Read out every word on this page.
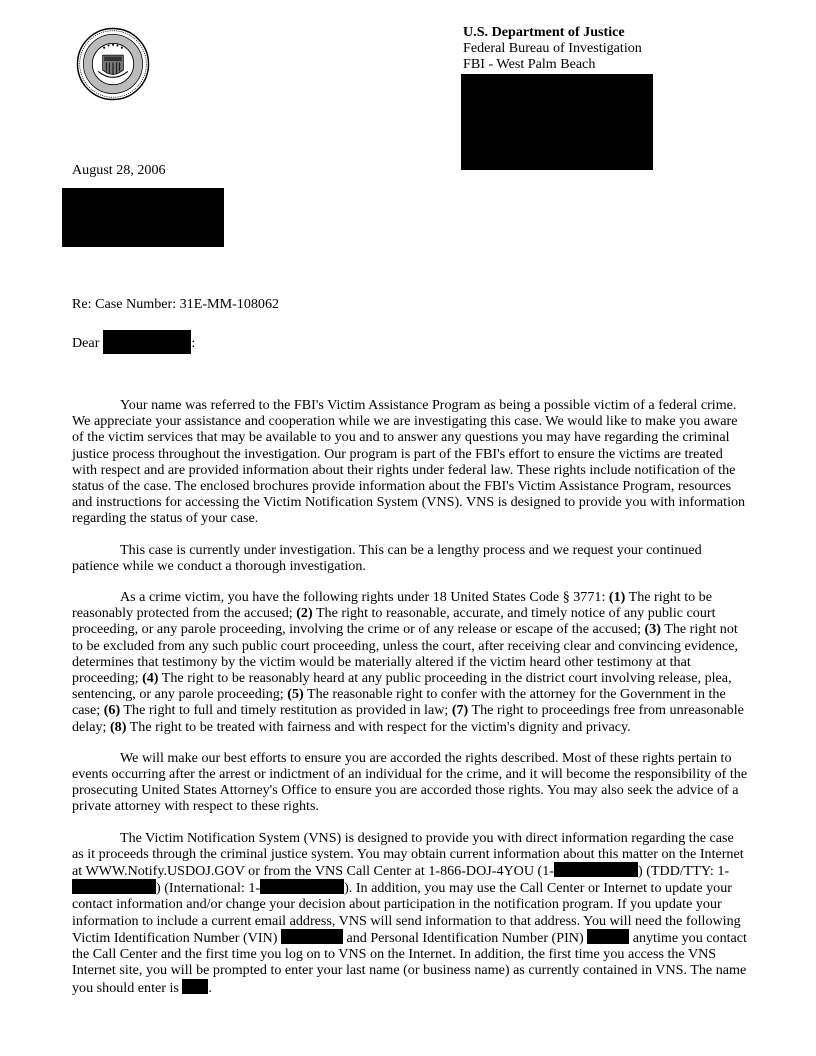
U.S. Department of Justice
Federal Bureau of Investigation
FBI - West Palm Beach
August 28, 2006
Re: Case Number: 31E-MM-108062
Dear	:

Your name was referred to the FBI's Victim Assistance Program as being a possible victim of a federal crime. We appreciate your assistance and cooperation while we are investigating this case. We would like to make you aware of the victim services that may be available to you and to answer any questions you may have regarding the criminal justice process throughout the investigation. Our program is part of the FBI's effort to ensure the victims are treated with respect and are provided information about their rights under federal law. These rights include notification of the status of the case. The enclosed brochures provide information about the FBI's Victim Assistance Program, resources and instructions for accessing the Victim Notification System (VNS). VNS is designed to provide you with information regarding the status of your case.

This case is currently under investigation. This can be a lengthy process and we request your continued patience while we conduct a thorough investigation.

As a crime victim, you have the following rights under 18 United States Code § 3771: (1) The right to be reasonably protected from the accused; (2) The right to reasonable, accurate, and timely notice of any public court proceeding, or any parole proceeding, involving the crime or of any release or escape of the accused; (3) The right not to be excluded from any such public court proceeding, unless the court, after receiving clear and convincing evidence, determines that testimony by the victim would be materially altered if the victim heard other testimony at that proceeding; (4) The right to be reasonably heard at any public proceeding in the district court involving release, plea, sentencing, or any parole proceeding; (5) The reasonable right to confer with the attorney for the Government in the case; (6) The right to full and timely restitution as provided in law; (7) The right to proceedings free from unreasonable delay; (8) The right to be treated with fairness and with respect for the victim's dignity and privacy.

We will make our best efforts to ensure you are accorded the rights described. Most of these rights pertain to events occurring after the arrest or indictment of an individual for the crime, and it will become the responsibility of the prosecuting United States Attorney's Office to ensure you are accorded those rights. You may also seek the advice of a private attorney with respect to these rights.

The Victim Notification System (VNS) is designed to provide you with direct information regarding the case as it proceeds through the criminal justice system. You may obtain current information about this matter on the Internet at WWW.Notify.USDOJ.GOV or from the VNS Call Center at 1-866-DOJ-4YOU (1-	) (TDD/TTY: 1-) (International: 1-	). In addition, you may use the Call Center or Internet to update your contact information and/or change your decision about participation in the notification program. If you update your information to include a current email address, VNS will send information to that address. You will need the following Victim Identification Number (VIN)	and Personal Identification Number (PIN)	anytime you contact the Call Center and the first time you log on to VNS on the Internet. In addition, the first time you access the VNS Internet site, you will be prompted to enter your last name (or business name) as currently contained in VNS. The name you should enter is .
